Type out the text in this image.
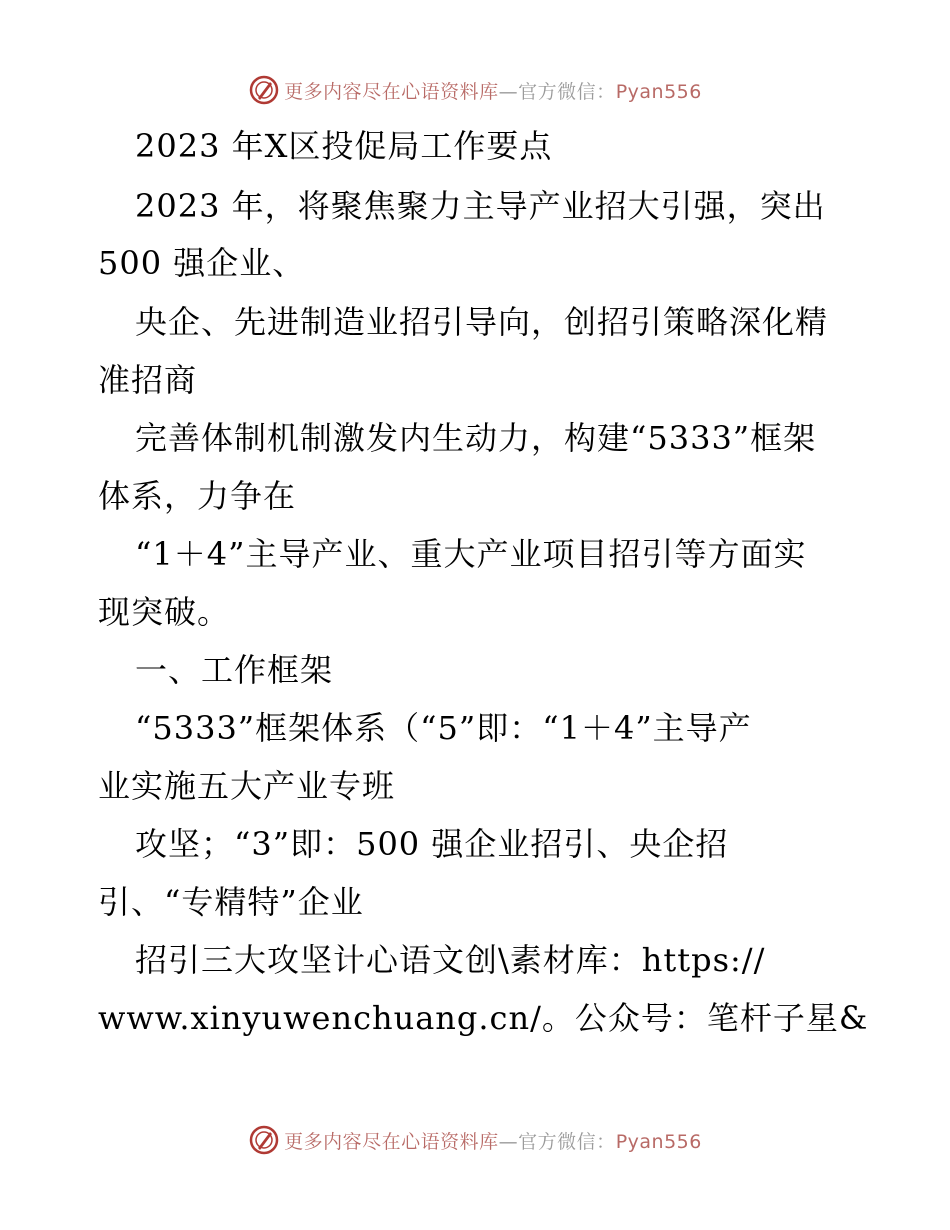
更多内容尽在心语资料库—官方微信：Pyan556
2023 年X区投促局工作要点
2023 年，将聚焦聚力主导产业招大引强，突出
500 强企业、
央企、先进制造业招引导向，创招引策略深化精
准招商
完善体制机制激发内生动力，构建“5333”框架
体系，力争在
“1＋4”主导产业、重大产业项目招引等方面实
现突破。
一、工作框架
“5333”框架体系（“5”即：“1＋4”主导产
业实施五大产业专班
攻坚；“3”即：500 强企业招引、央企招
引、“专精特”企业
招引三大攻坚计心语文创\素材库：https://
www.xinyuwenchuang.cn/。公众号：笔杆子星&
更多内容尽在心语资料库—官方微信：Pyan556
